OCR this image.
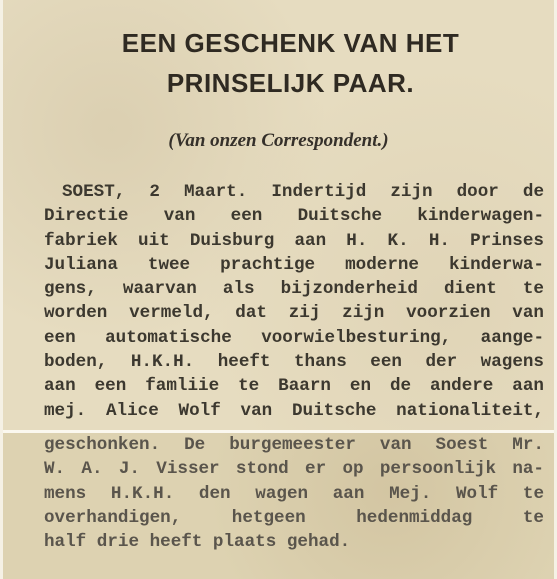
EEN GESCHENK VAN HET
PRINSELIJK PAAR.
(Van onzen Correspondent.)
SOEST, 2 Maart. Indertijd zijn door de
Directie van een Duitsche kinderwagen-
fabriek uit Duisburg aan H. K. H. Prinses
Juliana twee prachtige moderne kinderwa-
gens, waarvan als bijzonderheid dient te
worden vermeld, dat zij zijn voorzien van
een automatische voorwielbesturing, aange-
boden, H.K.H. heeft thans een der wagens
aan een famliie te Baarn en de andere aan
mej. Alice Wolf van Duitsche nationaliteit,
geschonken. De burgemeester van Soest Mr.
W. A. J. Visser stond er op persoonlijk na-
mens H.K.H. den wagen aan Mej. Wolf te
overhandigen, hetgeen hedenmiddag te
half drie heeft plaats gehad.
